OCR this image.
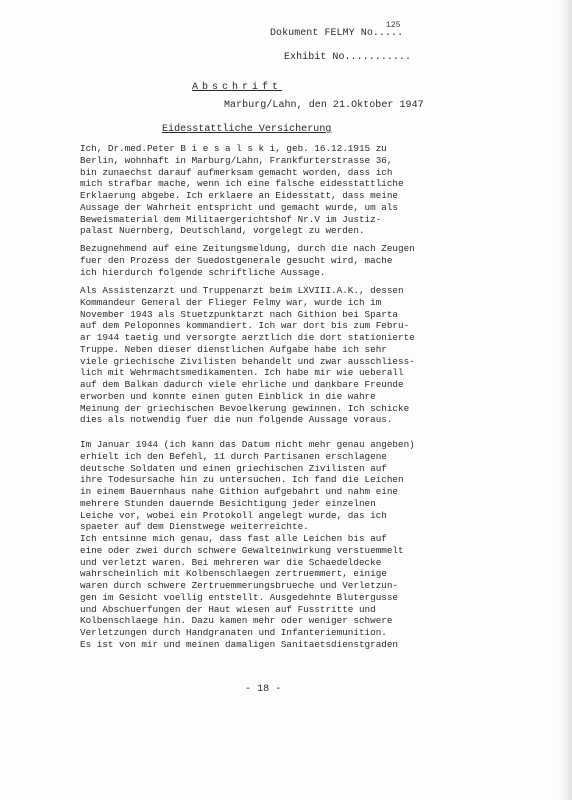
Dokument FELMY No.....
125
Exhibit No...........
Abschrift
Marburg/Lahn, den 21.Oktober 1947
Eidesstattliche Versicherung
Ich, Dr.med.Peter B i e s a l s k i, geb. 16.12.1915 zu
Berlin, wohnhaft in Marburg/Lahn, Frankfurterstrasse 36,
bin zunaechst darauf aufmerksam gemacht worden, dass ich
mich strafbar mache, wenn ich eine falsche eidesstattliche
Erklaerung abgebe. Ich erklaere an Eidesstatt, dass meine
Aussage der Wahrheit entspricht und gemacht wurde, um als
Beweismaterial dem Militaergerichtshof Nr.V im Justiz-
palast Nuernberg, Deutschland, vorgelegt zu werden.
Bezugnehmend auf eine Zeitungsmeldung, durch die nach Zeugen
fuer den Prozess der Suedostgenerale gesucht wird, mache
ich hierdurch folgende schriftliche Aussage.
Als Assistenzarzt und Truppenarzt beim LXVIII.A.K., dessen
Kommandeur General der Flieger Felmy war, wurde ich im
November 1943 als Stuetzpunktarzt nach Githion bei Sparta
auf dem Peloponnes kommandiert. Ich war dort bis zum Febru-
ar 1944 taetig und versorgte aerztlich die dort stationierte
Truppe. Neben dieser dienstlichen Aufgabe habe ich sehr
viele griechische Zivilisten behandelt und zwar ausschliess-
lich mit Wehrmachtsmedikamenten. Ich habe mir wie ueberall
auf dem Balkan dadurch viele ehrliche und dankbare Freunde
erworben und konnte einen guten Einblick in die wahre
Meinung der griechischen Bevoelkerung gewinnen. Ich schicke
dies als notwendig fuer die nun folgende Aussage voraus.
Im Januar 1944 (ich kann das Datum nicht mehr genau angeben)
erhielt ich den Befehl, 11 durch Partisanen erschlagene
deutsche Soldaten und einen griechischen Zivilisten auf
ihre Todesursache hin zu untersuchen. Ich fand die Leichen
in einem Bauernhaus nahe Githion aufgebahrt und nahm eine
mehrere Stunden dauernde Besichtigung jeder einzelnen
Leiche vor, wobei ein Protokoll angelegt wurde, das ich
spaeter auf dem Dienstwege weiterreichte.
Ich entsinne mich genau, dass fast alle Leichen bis auf
eine oder zwei durch schwere Gewalteinwirkung verstuemmelt
und verletzt waren. Bei mehreren war die Schaedeldecke
wahrscheinlich mit Kolbenschlaegen zertruemmert, einige
waren durch schwere Zertruemmerungsbrueche und Verletzun-
gen im Gesicht voellig entstellt. Ausgedehnte Blutergusse
und Abschuerfungen der Haut wiesen auf Fusstritte und
Kolbenschlaege hin. Dazu kamen mehr oder weniger schwere
Verletzungen durch Handgranaten und Infanteriemunition.
Es ist von mir und meinen damaligen Sanitaetsdienstgraden
- 18 -
